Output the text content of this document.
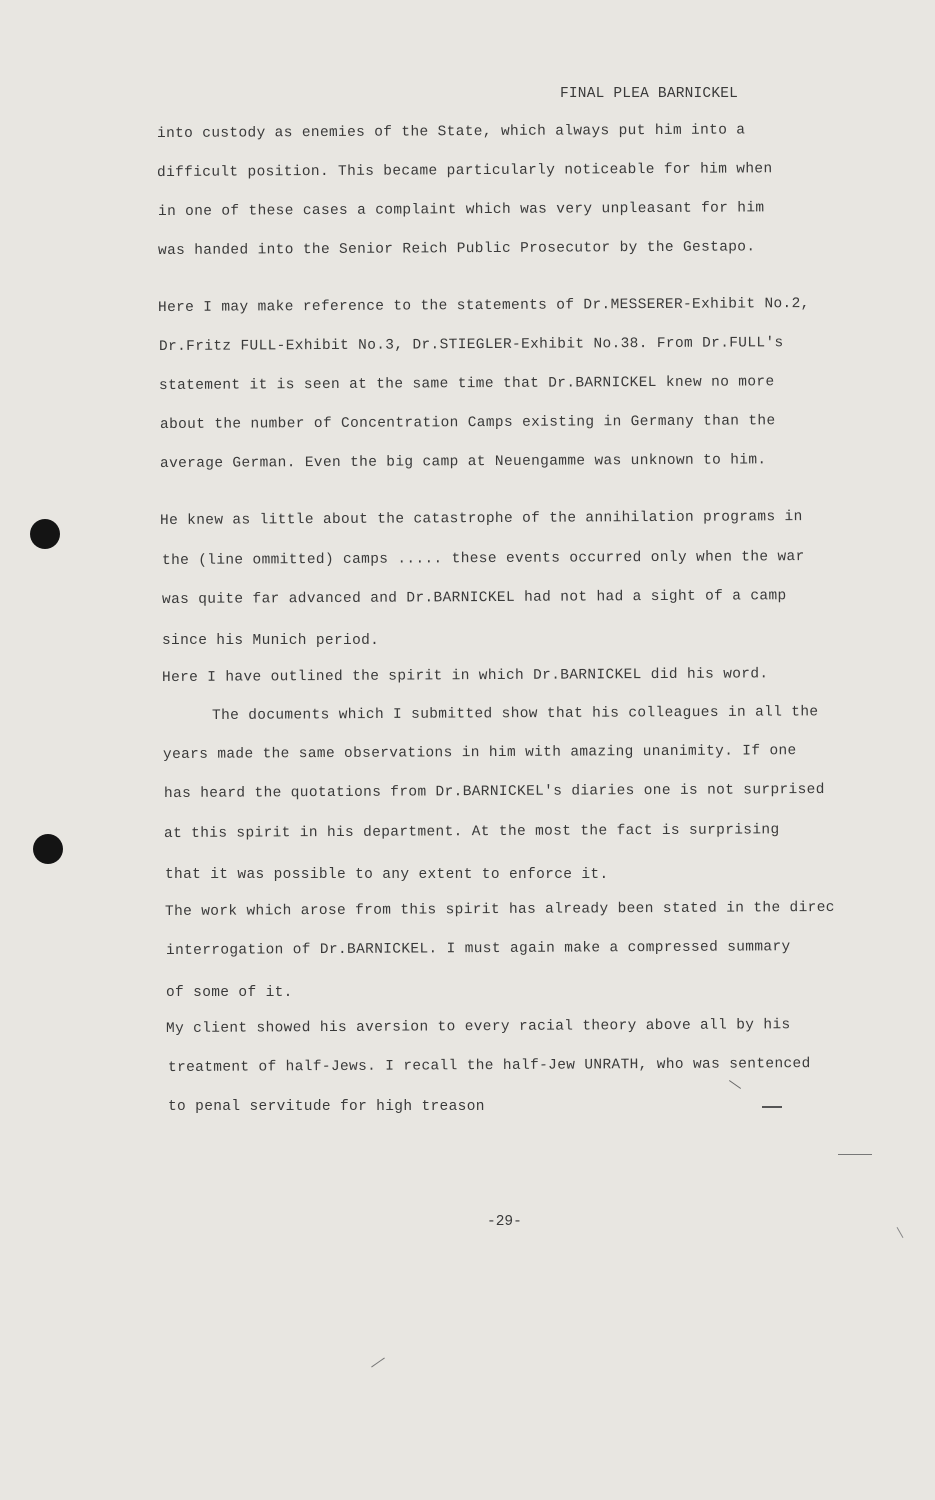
FINAL PLEA BARNICKEL
into custody as enemies of the State, which always put him into a
difficult position. This became particularly noticeable for him when
in one of these cases a complaint which was very unpleasant for him
was handed into the Senior Reich Public Prosecutor by the Gestapo.
Here I may make reference to the statements of Dr.MESSERER-Exhibit No.2,
Dr.Fritz FULL-Exhibit No.3, Dr.STIEGLER-Exhibit No.38. From Dr.FULL's
statement it is seen at the same time that Dr.BARNICKEL knew no more
about the number of Concentration Camps existing in Germany than the
average German. Even the big camp at Neuengamme was unknown to him.
He knew as little about the catastrophe of the annihilation programs in
the (line ommitted) camps ..... these events occurred only when the war
was quite far advanced and Dr.BARNICKEL had not had a sight of a camp
since his Munich period.
Here I have outlined the spirit in which Dr.BARNICKEL did his word.
The documents which I submitted show that his colleagues in all the
years made the same observations in him with amazing unanimity. If one
has heard the quotations from Dr.BARNICKEL's diaries one is not surprised
at this spirit in his department. At the most the fact is surprising
that it was possible to any extent to enforce it.
The work which arose from this spirit has already been stated in the direc
interrogation of Dr.BARNICKEL. I must again make a compressed summary
of some of it.
My client showed his aversion to every racial theory above all by his
treatment of half-Jews. I recall the half-Jew UNRATH, who was sentenced
to penal servitude for high treason
-29-
